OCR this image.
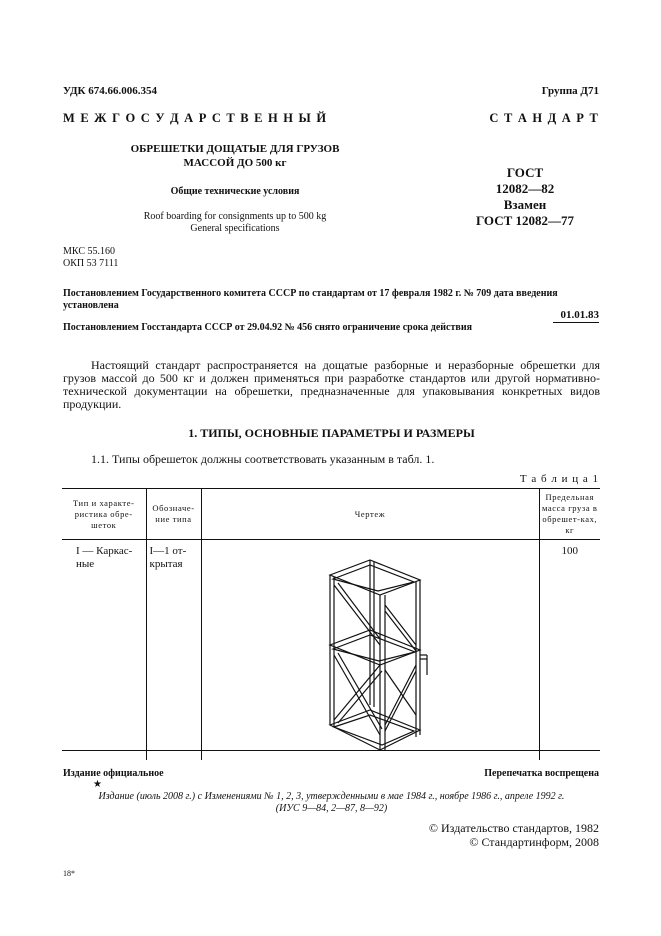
УДК 674.66.006.354	Группа Д71
М Е Ж Г О С У Д А Р С Т В Е Н Н Ы Й	С Т А Н Д А Р Т
ОБРЕШЕТКИ ДОЩАТЫЕ ДЛЯ ГРУЗОВ
МАССОЙ ДО 500 кг
Общие технические условия
Roof boarding for consignments up to 500 kg
General specifications
ГОСТ
12082—82
Взамен
ГОСТ 12082—77
МКС 55.160
ОКП 53 7111
Постановлением Государственного комитета СССР по стандартам от 17 февраля 1982 г. № 709 дата введения
установлена
01.01.83
Постановлением Госстандарта СССР от 29.04.92 № 456 снято ограничение срока действия
Настоящий стандарт распространяется на дощатые разборные и неразборные обрешетки для грузов массой до 500 кг и должен применяться при разработке стандартов или другой нормативно-технической документации на обрешетки, предназначенные для упаковывания конкретных видов продукции.
1. ТИПЫ, ОСНОВНЫЕ ПАРАМЕТРЫ И РАЗМЕРЫ
1.1. Типы обрешеток должны соответствовать указанным в табл. 1.
Т а б л и ц а 1
Тип и характе-ристика обре-шеток	Обозначе-ние типа	Чертеж	Предельная масса груза в обрешет-ках, кг
I — Каркас-ные	I—1 от-крытая		100
Издание официальное
★
Перепечатка воспрещена
Издание (июль 2008 г.) с Изменениями № 1, 2, 3, утвержденными в мае 1984 г., ноябре 1986 г., апреле 1992 г.
(ИУС 9—84, 2—87, 8—92)
© Издательство стандартов, 1982
© Стандартинформ, 2008
18*
